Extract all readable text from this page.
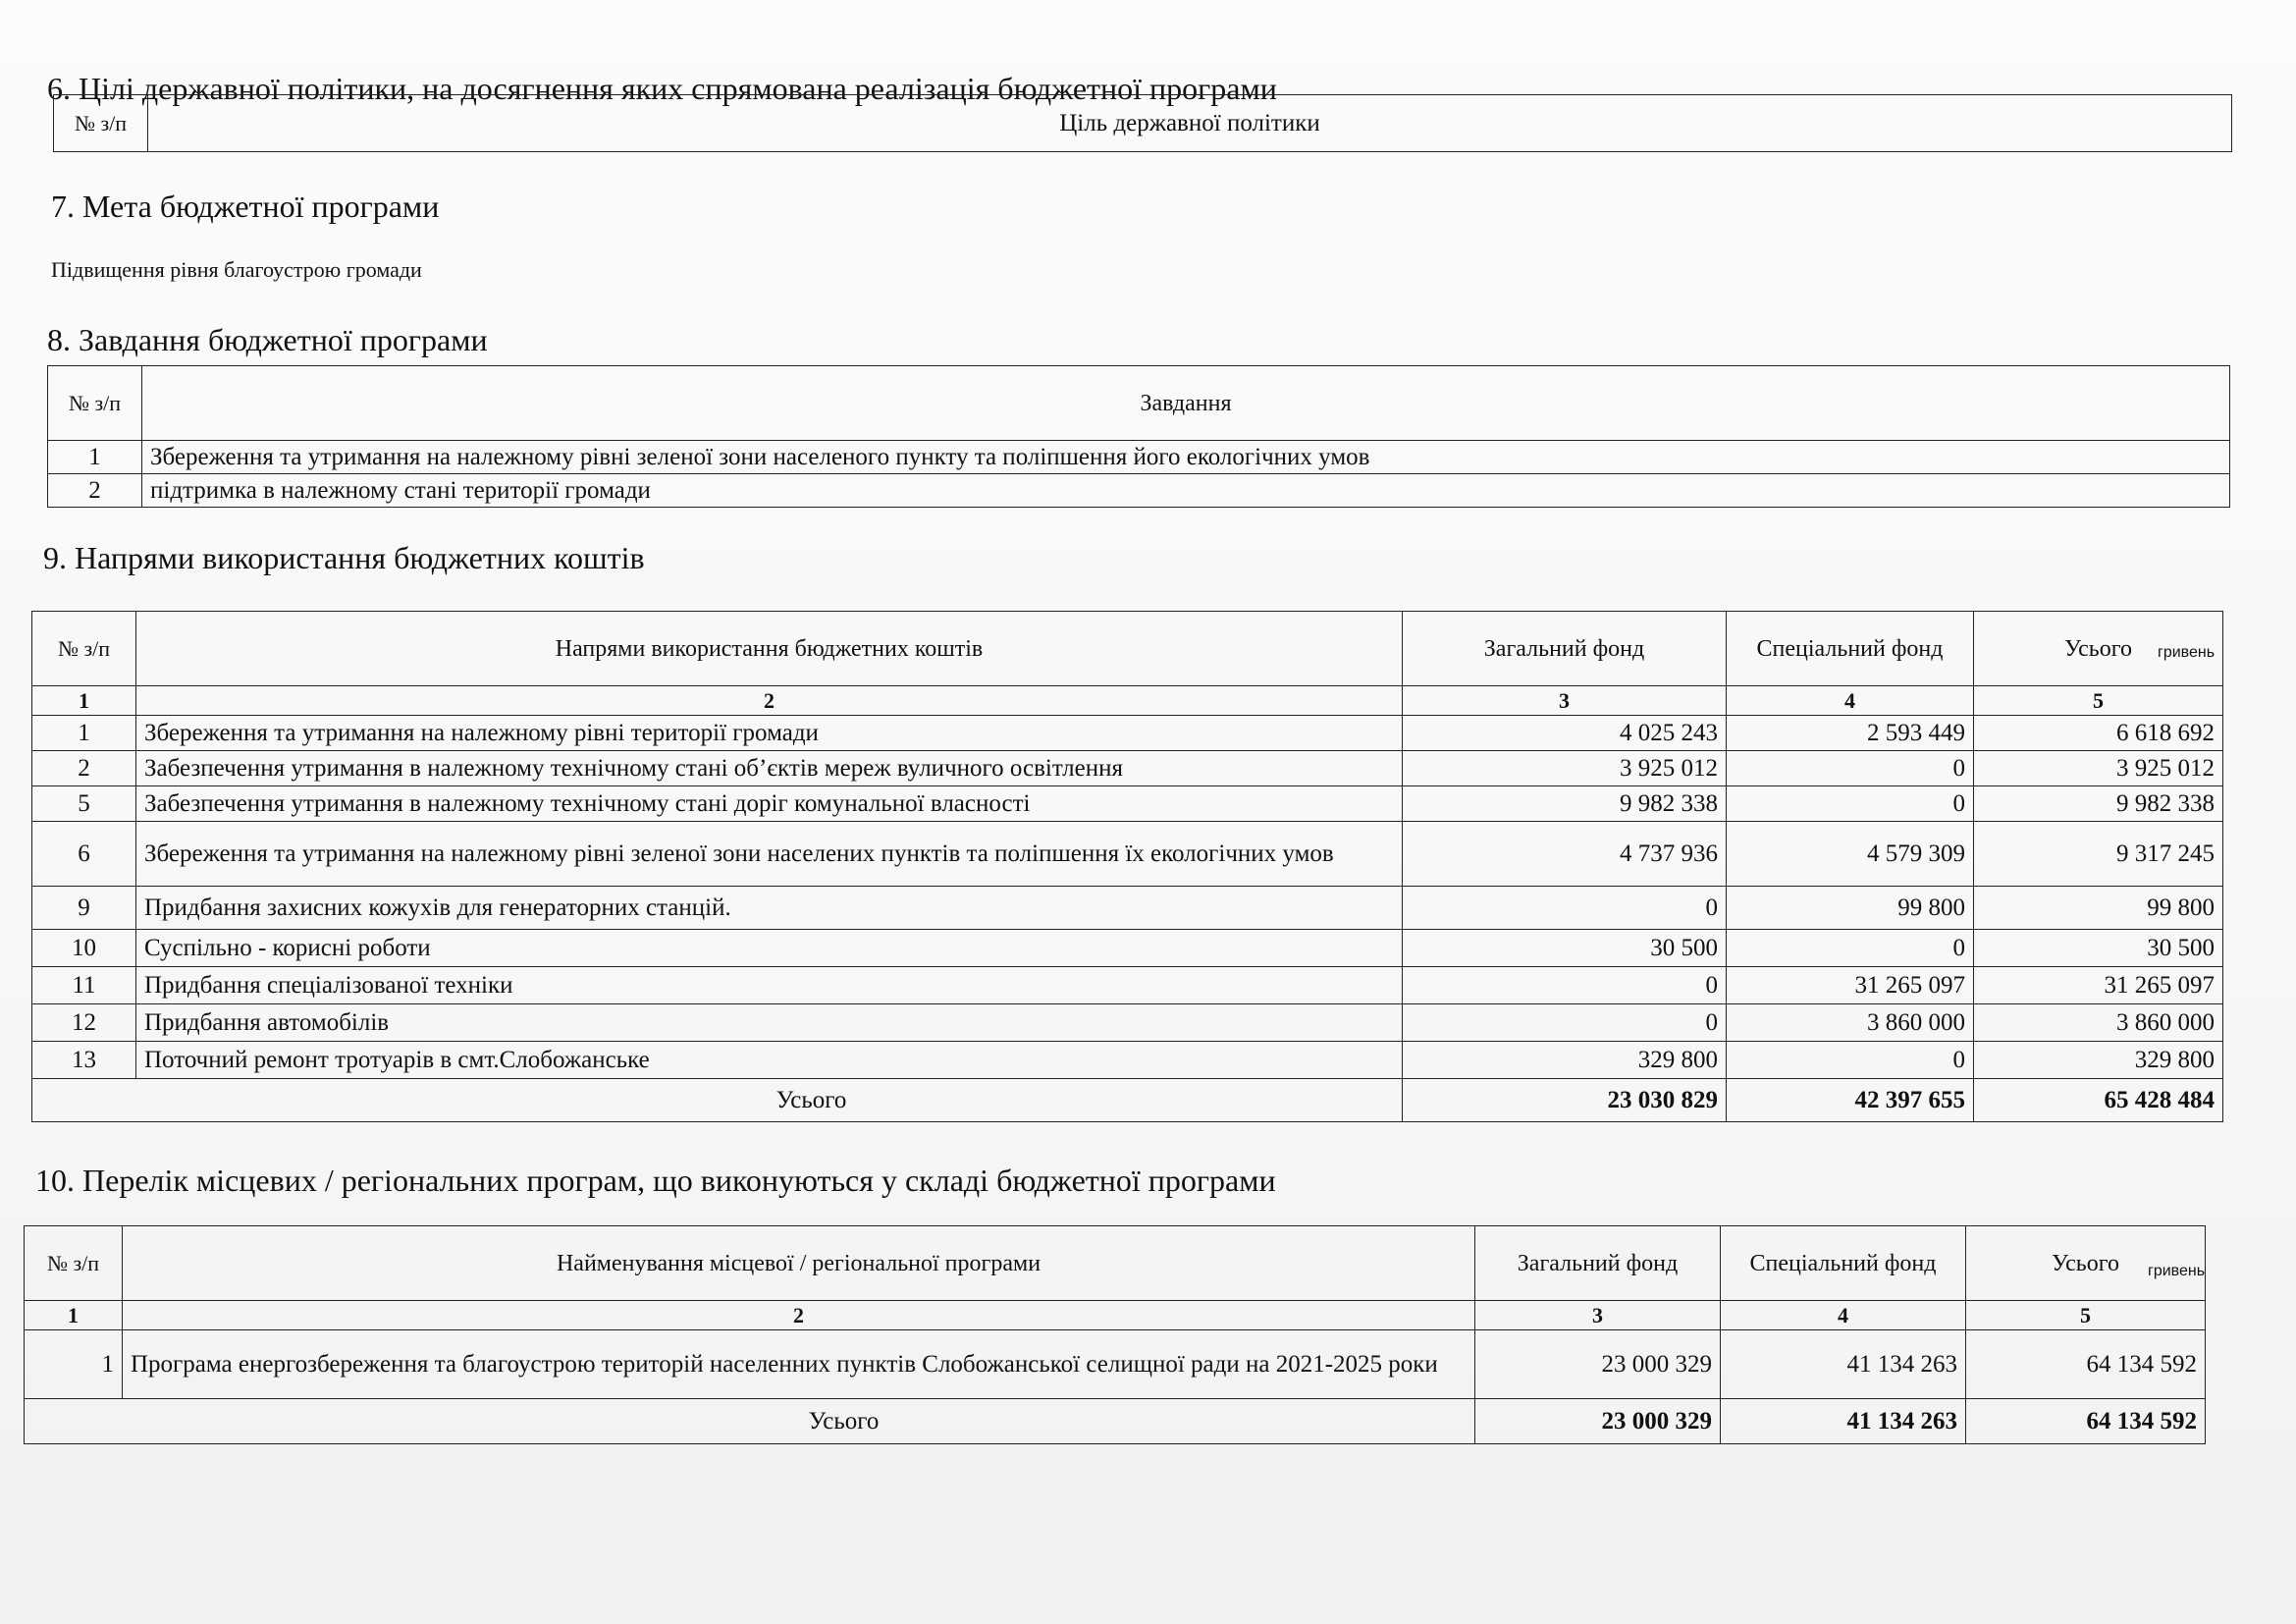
6. Цілі державної політики, на досягнення яких спрямована реалізація бюджетної програми
№ з/п	Ціль державної політики
7. Мета бюджетної програми
Підвищення рівня благоустрою громади
8. Завдання бюджетної програми
№ з/п	Завдання
1	Збереження та утримання на належному рівні зеленої зони населеного пункту та поліпшення його екологічних умов
2	підтримка в належному стані території громади
9. Напрями використання бюджетних коштів
гривень
№ з/п	Напрями використання бюджетних коштів	Загальний фонд	Спеціальний фонд	Усього
1	2	3	4	5
1	Збереження та утримання на належному рівні території громади	4 025 243	2 593 449	6 618 692
2	Забезпечення утримання в належному технічному стані об’єктів мереж вуличного освітлення	3 925 012	0	3 925 012
5	Забезпечення утримання в належному технічному стані доріг комунальної власності	9 982 338	0	9 982 338
6	Збереження та утримання на належному рівні зеленої зони населених пунктів та поліпшення їх екологічних умов	4 737 936	4 579 309	9 317 245
9	Придбання захисних кожухів для генераторних станцій.	0	99 800	99 800
10	Суспільно - корисні роботи	30 500	0	30 500
11	Придбання спеціалізованої техніки	0	31 265 097	31 265 097
12	Придбання автомобілів	0	3 860 000	3 860 000
13	Поточний ремонт тротуарів в смт.Слобожанське	329 800	0	329 800
Усього		23 030 829	42 397 655	65 428 484
10. Перелік місцевих / регіональних програм, що виконуються у складі бюджетної програми
гривень
№ з/п	Найменування місцевої / регіональної програми	Загальний фонд	Спеціальний фонд	Усього
1	2	3	4	5
1	Програма енергозбереження та благоустрою територій населенних пунктів Слобожанської селищної ради на 2021-2025 роки	23 000 329	41 134 263	64 134 592
Усього		23 000 329	41 134 263	64 134 592
